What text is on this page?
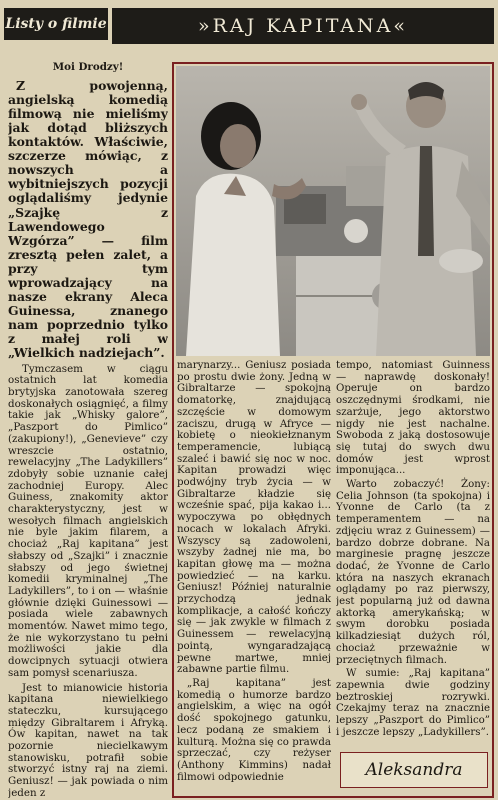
Listy o filmie	»RAJ KAPITANA«

Moi Drodzy!

Z powojenną, angielską komedią filmową nie mieliśmy jak dotąd bliższych kontaktów. Właściwie, szczerze mówiąc, z nowszych a wybitniejszych pozycji oglądaliśmy jedynie „Szajkę z Lawendowego Wzgórza” — film zresztą pełen zalet, a przy tym wprowadzający na nasze ekrany Aleca Guinessa, znanego nam poprzednio tylko z małej roli w „Wielkich nadziejach”.

Tymczasem w ciągu ostatnich lat komedia brytyjska zanotowała szereg doskonałych osiągnięć, a filmy takie jak „Whisky galore”, „Paszport do Pimlico” (zakupiony!), „Genevieve” czy wreszcie ostatnio, rewelacyjny „The Ladykillers” zdobyły sobie uznanie całej zachodniej Europy. Alec Guiness, znakomity aktor charakterystyczny, jest w wesołych filmach angielskich nie byle jakim filarem, a chociaż „Raj kapitana” jest słabszy od „Szajki” i znacznie słabszy od jego świetnej komedii kryminalnej „The Ladykillers”, to i on — właśnie głównie dzięki Guinessowi — posiada wiele zabawnych momentów. Nawet mimo tego, że nie wykorzystano tu pełni możliwości jakie dla dowcipnych sytuacji otwiera sam pomysł scenariusza.

Jest to mianowicie historia kapitana niewielkiego stateczku, kursującego między Gibraltarem i Afryką. Ów kapitan, nawet na tak pozornie niecielkawym stanowisku, potrafił sobie stworzyć istny raj na ziemi. Geniusz! — jak powiada o nim jeden z

marynarzy... Geniusz posiada po prostu dwie żony. Jedną w Gibraltarze — spokojną domatorkę, znajdującą szczęście w domowym zaciszu, drugą w Afryce — kobietę o nieokiełznanym temperamencie, lubiącą szaleć i bawić się noc w noc. Kapitan prowadzi więc podwójny tryb życia — w Gibraltarze kładzie się wcześnie spać, pija kakao i... wypoczywa po obłędnych nocach w lokalach Afryki. Wszyscy są zadowoleni, wszyby żadnej nie ma, bo kapitan głowę ma — można powiedzieć — na karku. Geniusz! Później naturalnie przychodzą jednak komplikacje, a całość kończy się — jak zwykle w filmach z Guinessem — rewelacyjną pointą, wyngaradzającą pewne martwe, mniej zabawne partie filmu.

„Raj kapitana” jest komedią o humorze bardzo angielskim, a więc na ogół dość spokojnego gatunku, lecz podaną ze smakiem i kulturą. Można się co prawda sprzeczać, czy reżyser (Anthony Kimmins) nadał filmowi odpowiednie

tempo, natomiast Guinness — naprawdę doskonały! Operuje on bardzo oszczędnymi środkami, nie szarżuje, jego aktorstwo nigdy nie jest nachalne. Swoboda z jaką dostosowuje się tutaj do swych dwu domów jest wprost imponująca...

Warto zobaczyć! Żony: Celia Johnson (ta spokojna) i Yvonne de Carlo (ta z temperamentem — na zdjęciu wraz z Guinessem) — bardzo dobrze dobrane. Na marginesie pragnę jeszcze dodać, że Yvonne de Carlo która na naszych ekranach oglądamy po raz pierwszy, jest popularną już od dawna aktorką amerykańską; w swym dorobku posiada kilkadziesiąt dużych ról, chociaż przeważnie w przeciętnych filmach.

W sumie: „Raj kapitana” zapewnia dwie godziny beztroskiej rozrywki. Czekajmy teraz na znacznie lepszy „Paszport do Pimlico” i jeszcze lepszy „Ladykillers”.

Aleksandra
